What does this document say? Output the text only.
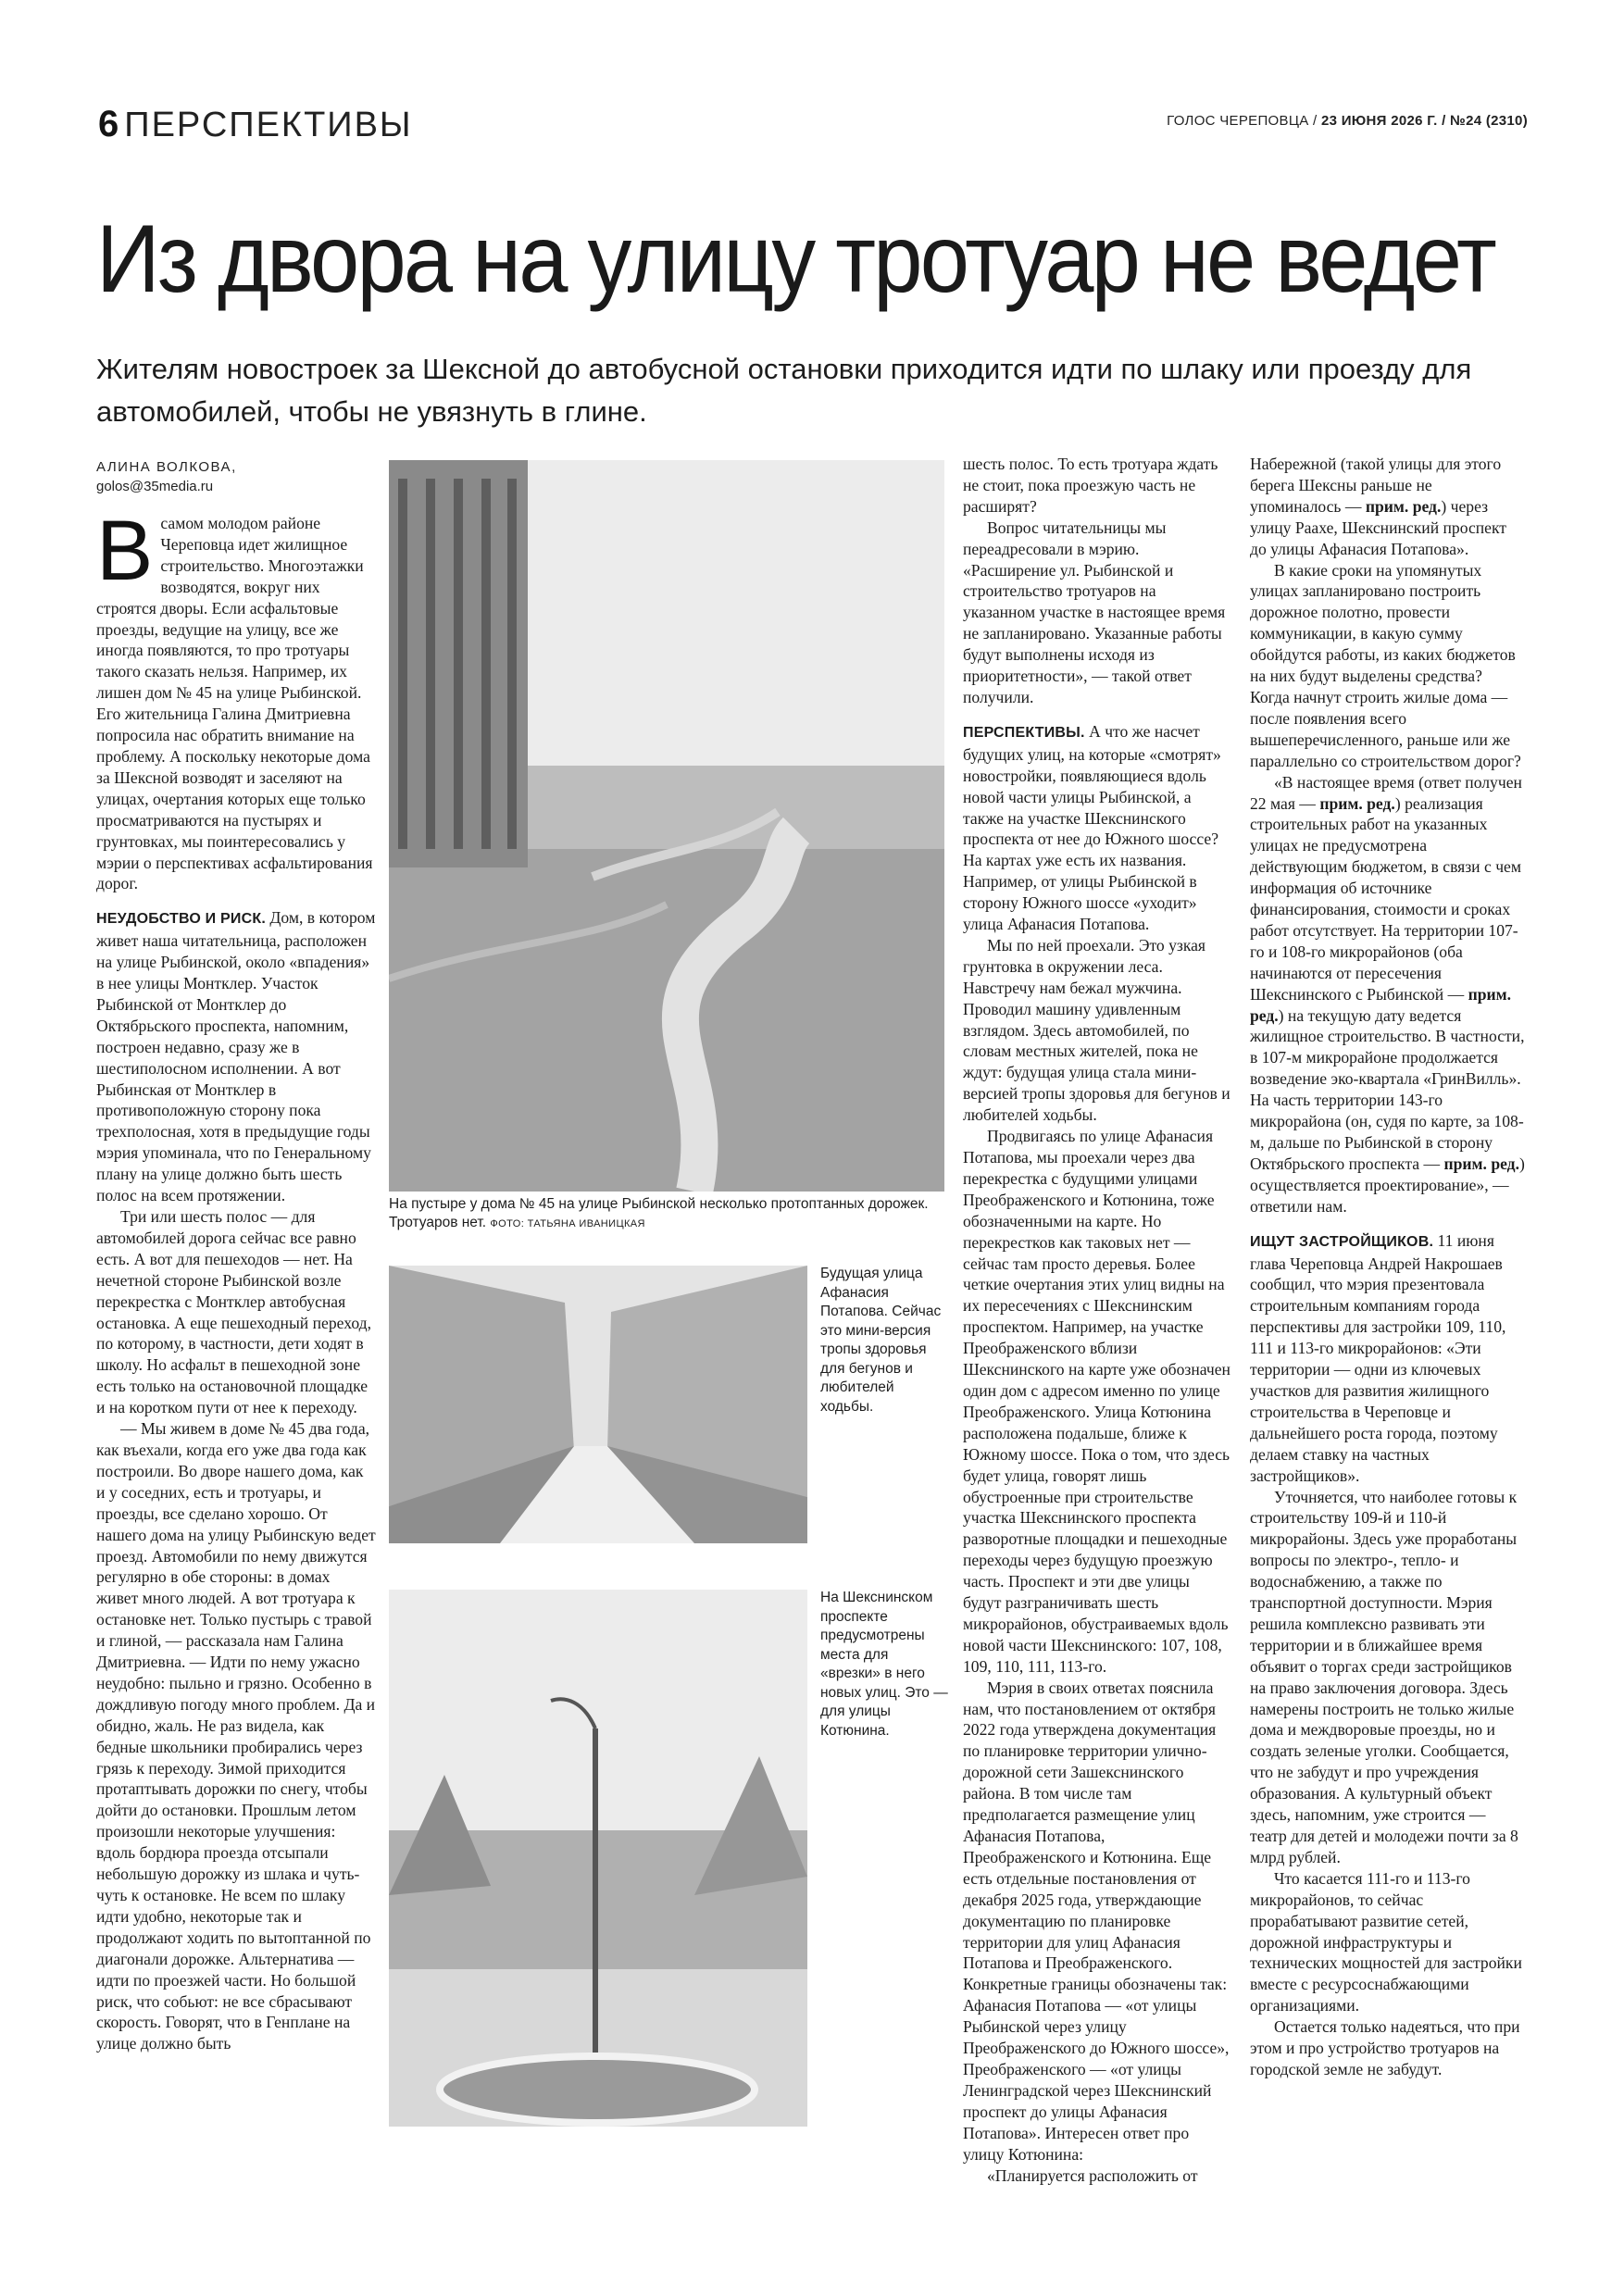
6 ПЕРСПЕКТИВЫ	ГОЛОС ЧЕРЕПОВЦА / 23 ИЮНЯ 2026 Г. / №24 (2310)
Из двора на улицу тротуар не ведет
Жителям новостроек за Шексной до автобусной остановки приходится идти по шлаку или проезду для автомобилей, чтобы не увязнуть в глине.
АЛИНА ВОЛКОВА,
golos@35media.ru

Всамом молодом районе Череповца идет жилищное строительство. Многоэтажки возводятся, вокруг них строятся дворы. Если асфальтовые проезды, ведущие на улицу, все же иногда появляются, то про тротуары такого сказать нельзя. Например, их лишен дом № 45 на улице Рыбинской. Его жительница Галина Дмитриевна попросила нас обратить внимание на проблему. А поскольку некоторые дома за Шексной возводят и заселяют на улицах, очертания которых еще только просматриваются на пустырях и грунтовках, мы поинтересовались у мэрии о перспективах асфальтирования дорог.

НЕУДОБСТВО И РИСК. Дом, в котором живет наша читательница, расположен на улице Рыбинской, около «впадения» в нее улицы Монтклер. Участок Рыбинской от Монтклер до Октябрьского проспекта, напомним, построен недавно, сразу же в шестиполосном исполнении. А вот Рыбинская от Монтклер в противоположную сторону пока трехполосная, хотя в предыдущие годы мэрия упоминала, что по Генеральному плану на улице должно быть шесть полос на всем протяжении.

Три или шесть полос — для автомобилей дорога сейчас все равно есть. А вот для пешеходов — нет. На нечетной стороне Рыбинской возле перекрестка с Монтклер автобусная остановка. А еще пешеходный переход, по которому, в частности, дети ходят в школу. Но асфальт в пешеходной зоне есть только на остановочной площадке и на коротком пути от нее к переходу.

— Мы живем в доме № 45 два года, как въехали, когда его уже два года как построили. Во дворе нашего дома, как и у соседних, есть и тротуары, и проезды, все сделано хорошо. От нашего дома на улицу Рыбинскую ведет проезд. Автомобили по нему движутся регулярно в обе стороны: в домах живет много людей. А вот тротуара к остановке нет. Только пустырь с травой и глиной, — рассказала нам Галина Дмитриевна. — Идти по нему ужасно неудобно: пыльно и грязно. Особенно в дождливую погоду много проблем. Да и обидно, жаль. Не раз видела, как бедные школьники пробирались через грязь к переходу. Зимой приходится протаптывать дорожки по снегу, чтобы дойти до остановки. Прошлым летом произошли некоторые улучшения: вдоль бордюра проезда отсыпали небольшую дорожку из шлака и чуть-чуть к остановке. Не всем по шлаку идти удобно, некоторые так и продолжают ходить по вытоптанной по диагонали дорожке. Альтернатива — идти по проезжей части. Но большой риск, что собьют: не все сбрасывают скорость. Говорят, что в Генплане на улице должно быть

На пустыре у дома № 45 на улице Рыбинской несколько протоптанных дорожек. Тротуаров нет. ФОТО: ТАТЬЯНА ИВАНИЦКАЯ
Будущая улица Афанасия Потапова. Сейчас это мини-версия тропы здоровья для бегунов и любителей ходьбы.
На Шекснинском проспекте предусмотрены места для «врезки» в него новых улиц. Это — для улицы Котюнина.

шесть полос. То есть тротуара ждать не стоит, пока проезжую часть не расширят?

Вопрос читательницы мы переадресовали в мэрию. «Расширение ул. Рыбинской и строительство тротуаров на указанном участке в настоящее время не запланировано. Указанные работы будут выполнены исходя из приоритетности», — такой ответ получили.

ПЕРСПЕКТИВЫ. А что же насчет будущих улиц, на которые «смотрят» новостройки, появляющиеся вдоль новой части улицы Рыбинской, а также на участке Шекснинского проспекта от нее до Южного шоссе? На картах уже есть их названия. Например, от улицы Рыбинской в сторону Южного шоссе «уходит» улица Афанасия Потапова.

Мы по ней проехали. Это узкая грунтовка в окружении леса. Навстречу нам бежал мужчина. Проводил машину удивленным взглядом. Здесь автомобилей, по словам местных жителей, пока не ждут: будущая улица стала мини-версией тропы здоровья для бегунов и любителей ходьбы.

Продвигаясь по улице Афанасия Потапова, мы проехали через два перекрестка с будущими улицами Преображенского и Котюнина, тоже обозначенными на карте. Но перекрестков как таковых нет — сейчас там просто деревья. Более четкие очертания этих улиц видны на их пересечениях с Шекснинским проспектом. Например, на участке Преображенского вблизи Шекснинского на карте уже обозначен один дом с адресом именно по улице Преображенского. Улица Котюнина расположена подальше, ближе к Южному шоссе. Пока о том, что здесь будет улица, говорят лишь обустроенные при строительстве участка Шекснинского проспекта разворотные площадки и пешеходные переходы через будущую проезжую часть. Проспект и эти две улицы будут разграничивать шесть микрорайонов, обустраиваемых вдоль новой части Шекснинского: 107, 108, 109, 110, 111, 113-го.

Мэрия в своих ответах пояснила нам, что постановлением от октября 2022 года утверждена документация по планировке территории улично-дорожной сети Зашекснинского района. В том числе там предполагается размещение улиц Афанасия Потапова, Преображенского и Котюнина. Еще есть отдельные постановления от декабря 2025 года, утверждающие документацию по планировке территории для улиц Афанасия Потапова и Преображенского. Конкретные границы обозначены так: Афанасия Потапова — «от улицы Рыбинской через улицу Преображенского до Южного шоссе», Преображенского — «от улицы Ленинградской через Шекснинский проспект до улицы Афанасия Потапова». Интересен ответ про улицу Котюнина:

«Планируется расположить от

Набережной (такой улицы для этого берега Шексны раньше не упоминалось — прим. ред.) через улицу Раахе, Шекснинский проспект до улицы Афанасия Потапова».

В какие сроки на упомянутых улицах запланировано построить дорожное полотно, провести коммуникации, в какую сумму обойдутся работы, из каких бюджетов на них будут выделены средства? Когда начнут строить жилые дома — после появления всего вышеперечисленного, раньше или же параллельно со строительством дорог?

«В настоящее время (ответ получен 22 мая — прим. ред.) реализация строительных работ на указанных улицах не предусмотрена действующим бюджетом, в связи с чем информация об источнике финансирования, стоимости и сроках работ отсутствует. На территории 107-го и 108-го микрорайонов (оба начинаются от пересечения Шекснинского с Рыбинской — прим. ред.) на текущую дату ведется жилищное строительство. В частности, в 107-м микрорайоне продолжается возведение эко-квартала «ГринВилль». На часть территории 143-го микрорайона (он, судя по карте, за 108-м, дальше по Рыбинской в сторону Октябрьского проспекта — прим. ред.) осуществляется проектирование», — ответили нам.

ИЩУТ ЗАСТРОЙЩИКОВ. 11 июня глава Череповца Андрей Накрошаев сообщил, что мэрия презентовала строительным компаниям города перспективы для застройки 109, 110, 111 и 113-го микрорайонов: «Эти территории — одни из ключевых участков для развития жилищного строительства в Череповце и дальнейшего роста города, поэтому делаем ставку на частных застройщиков».

Уточняется, что наиболее готовы к строительству 109-й и 110-й микрорайоны. Здесь уже проработаны вопросы по электро-, тепло- и водоснабжению, а также по транспортной доступности. Мэрия решила комплексно развивать эти территории и в ближайшее время объявит о торгах среди застройщиков на право заключения договора. Здесь намерены построить не только жилые дома и междворовые проезды, но и создать зеленые уголки. Сообщается, что не забудут и про учреждения образования. А культурный объект здесь, напомним, уже строится — театр для детей и молодежи почти за 8 млрд рублей.

Что касается 111-го и 113-го микрорайонов, то сейчас прорабатывают развитие сетей, дорожной инфраструктуры и технических мощностей для застройки вместе с ресурсоснабжающими организациями.

Остается только надеяться, что при этом и про устройство тротуаров на городской земле не забудут.
